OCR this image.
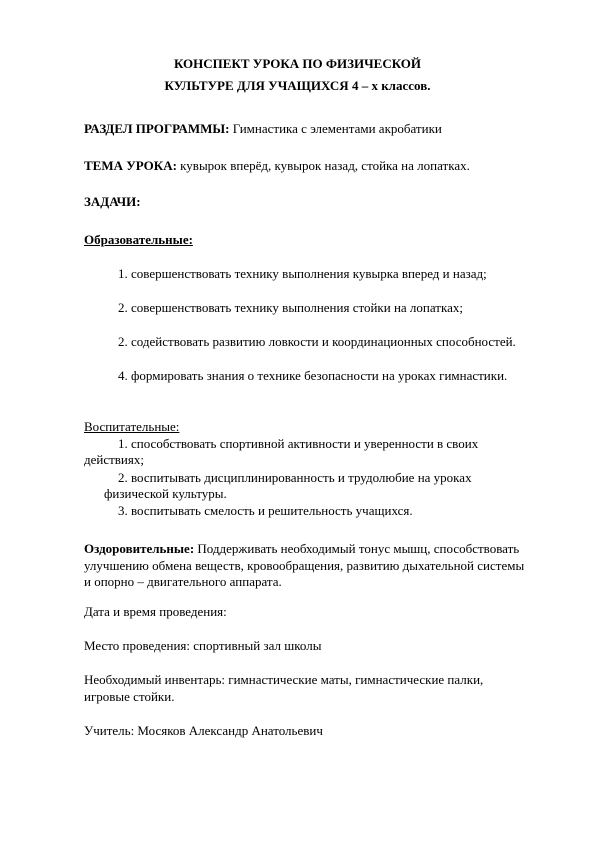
КОНСПЕКТ УРОКА ПО ФИЗИЧЕСКОЙ
КУЛЬТУРЕ ДЛЯ УЧАЩИХСЯ 4 – х классов.
РАЗДЕЛ ПРОГРАММЫ: Гимнастика с элементами акробатики
ТЕМА УРОКА: кувырок вперёд, кувырок назад, стойка на лопатках.
ЗАДАЧИ:
Образовательные:
1. совершенствовать технику выполнения кувырка вперед и назад;
2. совершенствовать технику выполнения стойки на лопатках;
2. содействовать развитию ловкости и координационных способностей.
4. формировать знания о технике безопасности на уроках гимнастики.
Воспитательные:
1. способствовать спортивной активности и уверенности в своих
действиях;
2. воспитывать дисциплинированность и трудолюбие на уроках
физической культуры.
3. воспитывать смелость и решительность учащихся.
Оздоровительные: Поддерживать необходимый тонус мышц, способствовать
улучшению обмена веществ, кровообращения, развитию дыхательной системы
и опорно – двигательного аппарата.
Дата и время проведения:
Место проведения: спортивный зал школы
Необходимый инвентарь: гимнастические маты, гимнастические палки,
игровые стойки.
Учитель: Мосяков Александр Анатольевич
